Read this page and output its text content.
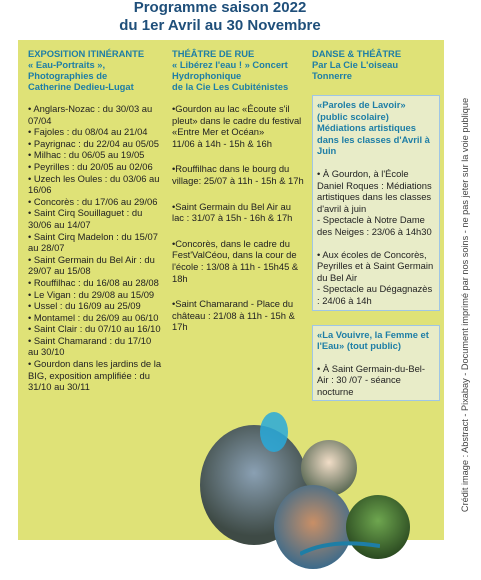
Programme saison 2022
du 1er Avril au 30 Novembre
EXPOSITION ITINÉRANTE
« Eau-Portraits »,
Photographies de
Catherine Dedieu-Lugat
• Anglars-Nozac : du 30/03 au 07/04
• Fajoles : du 08/04 au 21/04
• Payrignac : du 22/04 au 05/05
• Milhac : du 06/05 au 19/05
• Peyrilles : du 20/05 au 02/06
• Uzech les Oules : du 03/06 au 16/06
• Concorès : du 17/06 au 29/06
• Saint Cirq Souillaguet : du 30/06 au 14/07
• Saint Cirq Madelon : du 15/07 au 28/07
• Saint Germain du Bel Air : du 29/07 au 15/08
• Rouffilhac : du 16/08 au 28/08
• Le Vigan : du 29/08 au 15/09
• Ussel : du 16/09 au 25/09
• Montamel : du 26/09 au 06/10
• Saint Clair : du 07/10 au 16/10
• Saint Chamarand : du 17/10 au 30/10
• Gourdon dans les jardins de la BIG, exposition amplifiée : du 31/10 au 30/11
THÉÂTRE DE RUE
« Libérez l'eau ! » Concert
Hydrophonique
de la Cie Les Cubiténistes
•Gourdon au lac «Écoute s'il pleut» dans le cadre du festival «Entre Mer et Océan»
11/06 à 14h - 15h & 16h
•Rouffilhac dans le bourg du village: 25/07 à 11h - 15h & 17h
•Saint Germain du Bel Air au lac : 31/07 à 15h - 16h & 17h
•Concorès, dans le cadre du Fest'ValCéou, dans la cour de l'école : 13/08 à 11h - 15h45 & 18h
•Saint Chamarand - Place du château : 21/08 à 11h - 15h & 17h
DANSE & THÉÂTRE
Par La Cie L'oiseau
Tonnerre
«Paroles de Lavoir» (public scolaire) Médiations artistiques dans les classes d'Avril à Juin
• À Gourdon, à l'École Daniel Roques : Médiations artistiques dans les classes d'avril à juin
- Spectacle à Notre Dame des Neiges : 23/06 à 14h30
• Aux écoles de Concorès, Peyrilles et à Saint Germain du Bel Air
- Spectacle au Dégagnazès : 24/06 à 14h
«La Vouivre, la Femme et l'Eau» (tout public)
• À Saint Germain-du-Bel-Air : 30 /07 - séance nocturne	Crédit image : Abstract - Pixabay - Document imprimé par nos soins - ne pas jeter sur la voie publique
